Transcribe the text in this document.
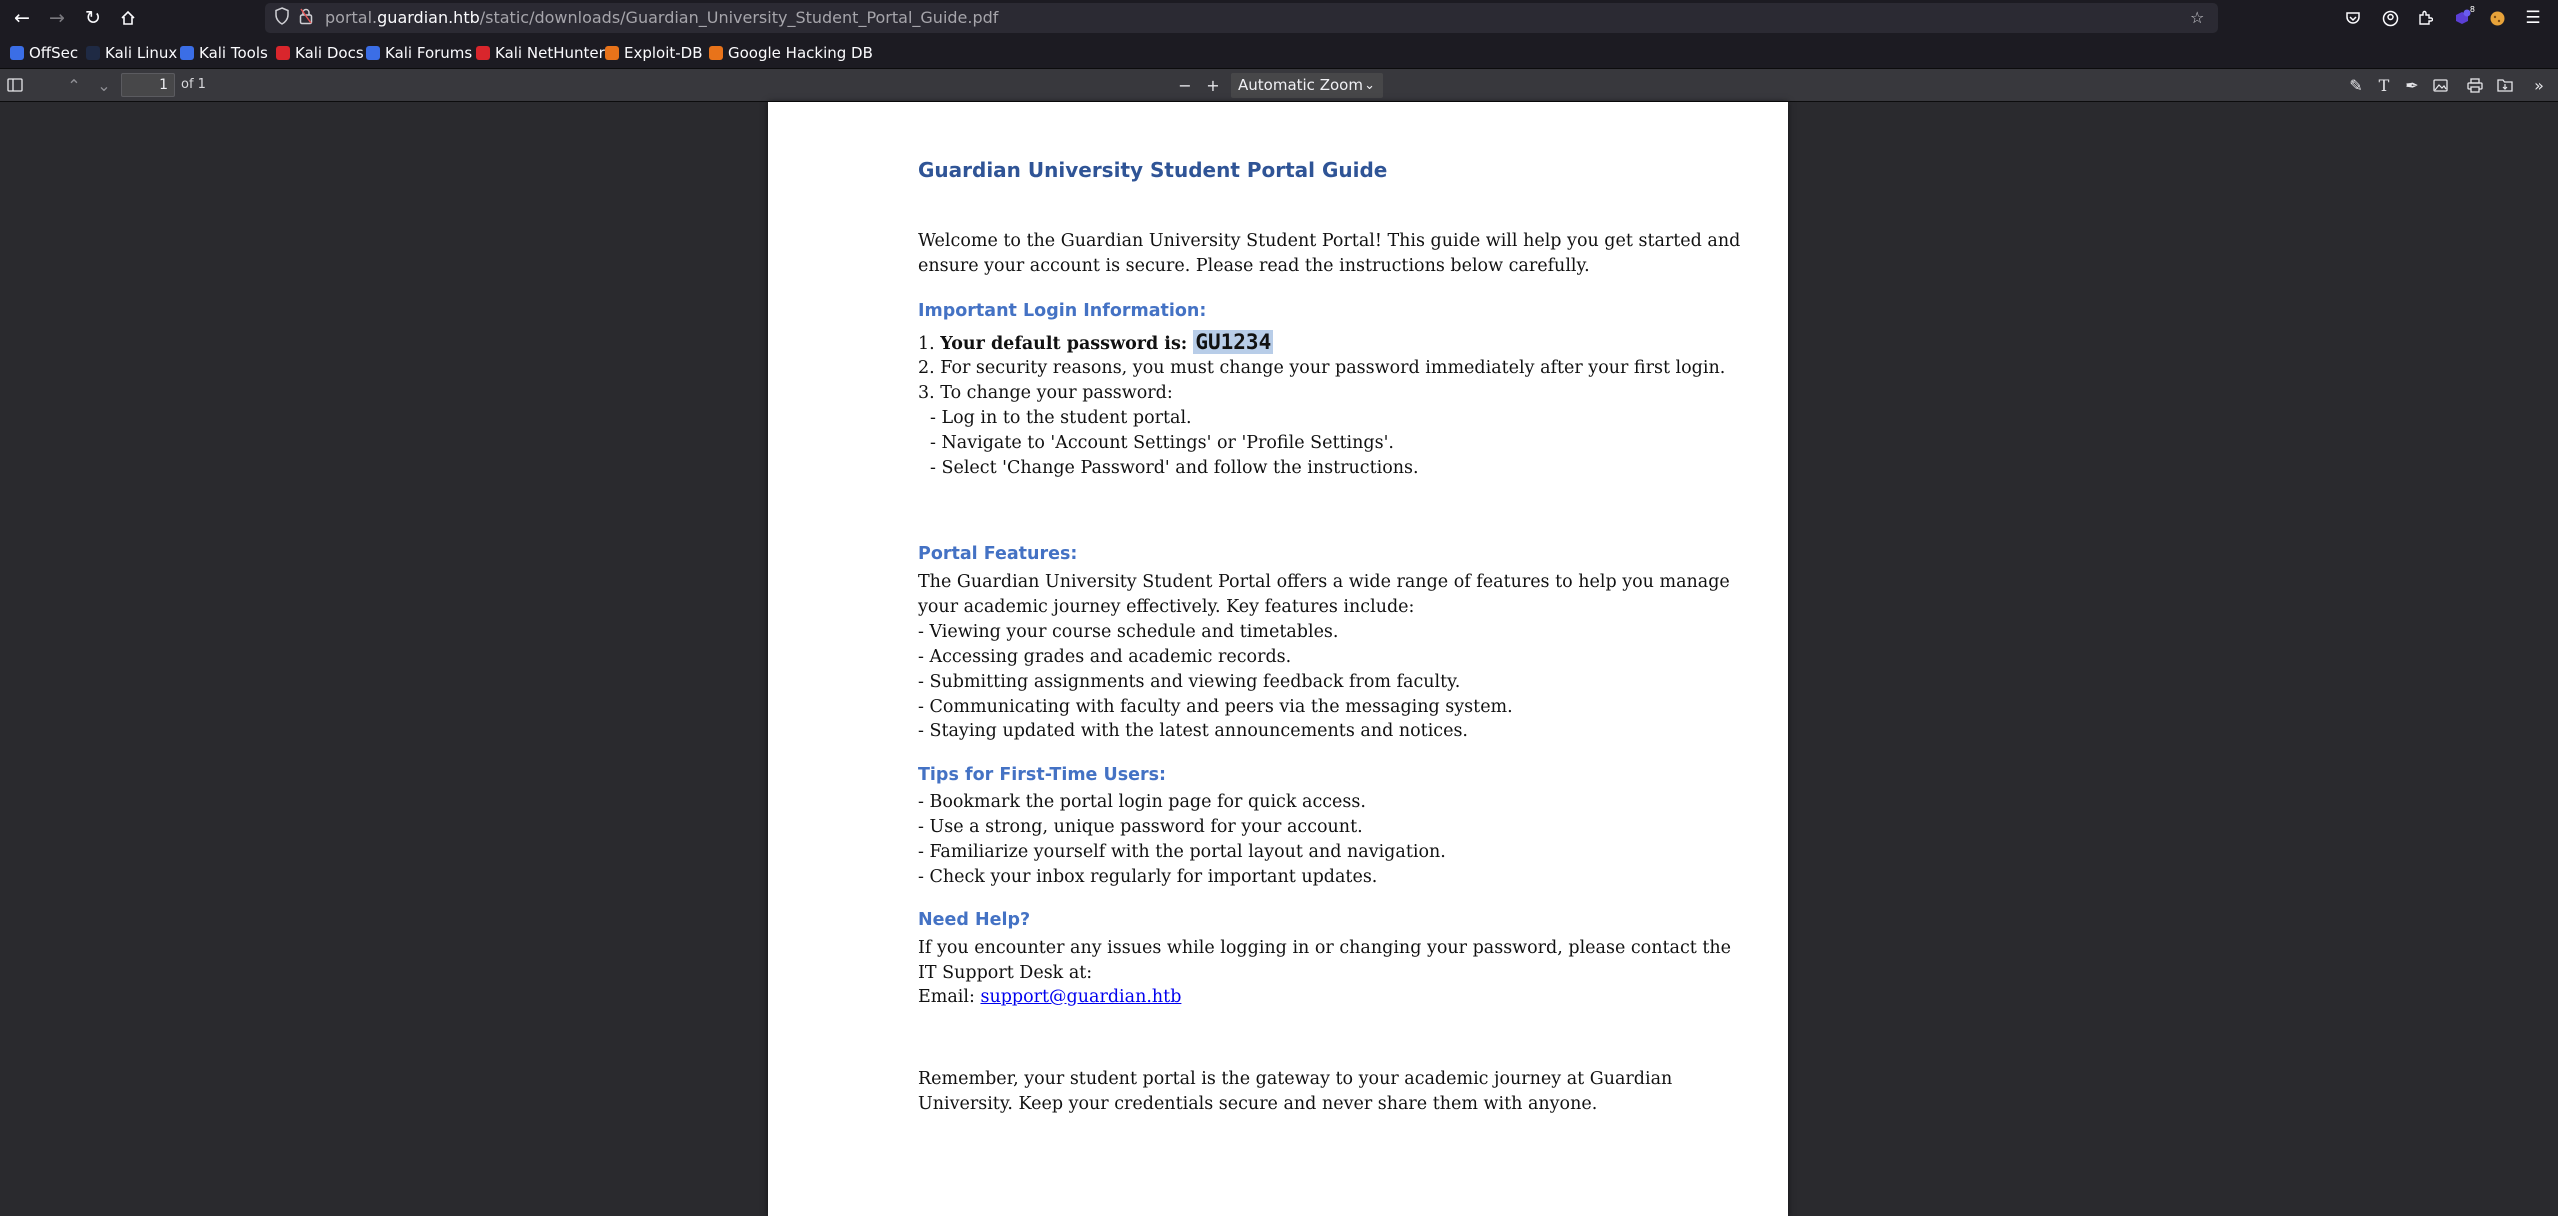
← → ↻	portal.guardian.htb/static/downloads/Guardian_University_Student_Portal_Guide.pdf	☆	8	☰
OffSec Kali Linux Kali Tools Kali Docs Kali Forums Kali NetHunter Exploit-DB Google Hacking DB
⌃ ⌄	1	of 1	− +	Automatic Zoom ⌄	✎ T ✒	»
Guardian University Student Portal Guide
Welcome to the Guardian University Student Portal! This guide will help you get started and
ensure your account is secure. Please read the instructions below carefully.
Important Login Information:
1. Your default password is: GU1234
2. For security reasons, you must change your password immediately after your first login.
3. To change your password:
- Log in to the student portal.
- Navigate to 'Account Settings' or 'Profile Settings'.
- Select 'Change Password' and follow the instructions.
Portal Features:
The Guardian University Student Portal offers a wide range of features to help you manage
your academic journey effectively. Key features include:
- Viewing your course schedule and timetables.
- Accessing grades and academic records.
- Submitting assignments and viewing feedback from faculty.
- Communicating with faculty and peers via the messaging system.
- Staying updated with the latest announcements and notices.
Tips for First-Time Users:
- Bookmark the portal login page for quick access.
- Use a strong, unique password for your account.
- Familiarize yourself with the portal layout and navigation.
- Check your inbox regularly for important updates.
Need Help?
If you encounter any issues while logging in or changing your password, please contact the
IT Support Desk at:
Email: support@guardian.htb
Remember, your student portal is the gateway to your academic journey at Guardian
University. Keep your credentials secure and never share them with anyone.
